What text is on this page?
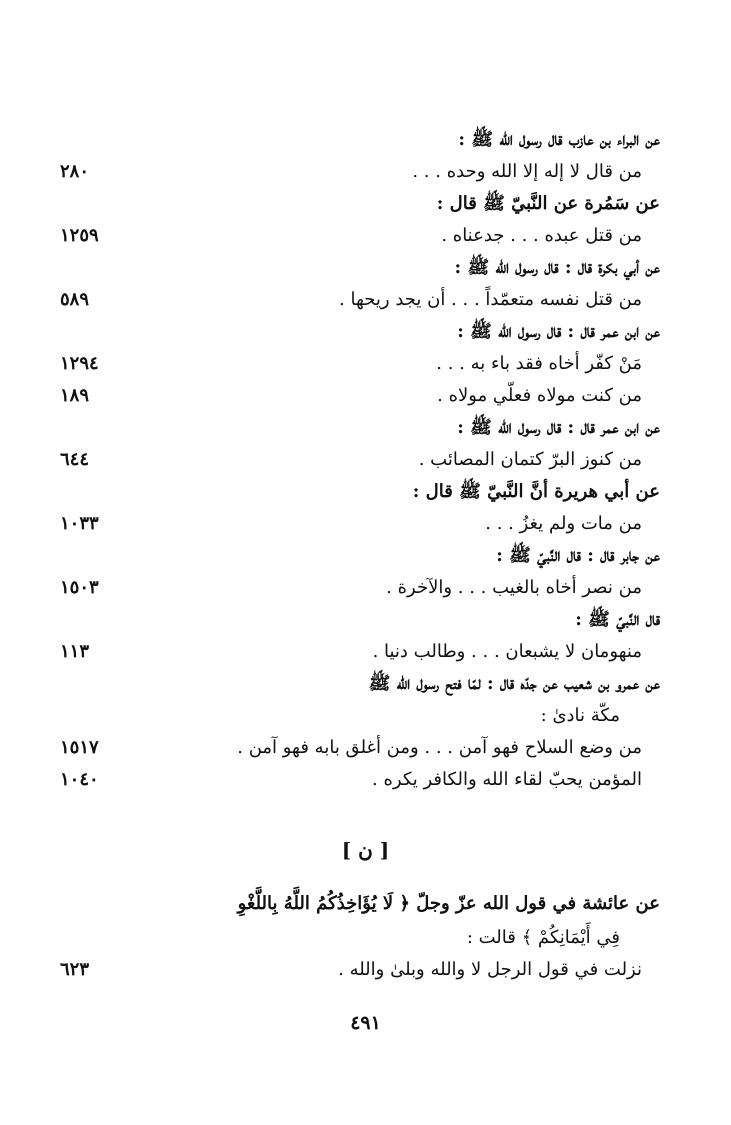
عن البراء بن عازب قال رسول الله ﷺ :
من قال لا إله إلا الله وحده . . .
٢٨٠
عن سَمُرة عن النَّبيّ ﷺ قال :
من قتل عبده . . . جدعناه .
١٢٥٩
عن أبي بكرة قال : قال رسول الله ﷺ :
من قتل نفسه متعمّداً . . . أن يجد ريحها .
٥٨٩
عن ابن عمر قال : قال رسول الله ﷺ :
مَنْ كفّر أخاه فقد باء به . . .
١٢٩٤
من كنت مولاه فعلّي مولاه .
١٨٩
عن ابن عمر قال : قال رسول الله ﷺ :
من كنوز البرّ كتمان المصائب .
٦٤٤
عن أبي هريرة أنَّ النَّبيّ ﷺ قال :
من مات ولم يغزُ . . .
١٠٣٣
عن جابر قال : قال النَّبيّ ﷺ :
من نصر أخاه بالغيب . . . والآخرة .
١٥٠٣
قال النَّبيّ ﷺ :
منهومان لا يشبعان . . . وطالب دنيا .
١١٣
عن عمرو بن شعيب عن جدّه قال : لمّا فتح رسول الله ﷺ
مكّة نادىٰ :
من وضع السلاح فهو آمن . . . ومن أغلق بابه فهو آمن .
١٥١٧
المؤمن يحبّ لقاء الله والكافر يكره .
١٠٤٠
[ ن ]
عن عائشة في قول الله عزّ وجلّ ﴿ لَا يُؤَاخِذُكُمُ اللَّهُ بِاللَّغْوِ
فِي أَيْمَانِكُمْ ﴾ قالت :
نزلت في قول الرجل لا والله وبلىٰ والله .
٦٢٣
٤٩١
